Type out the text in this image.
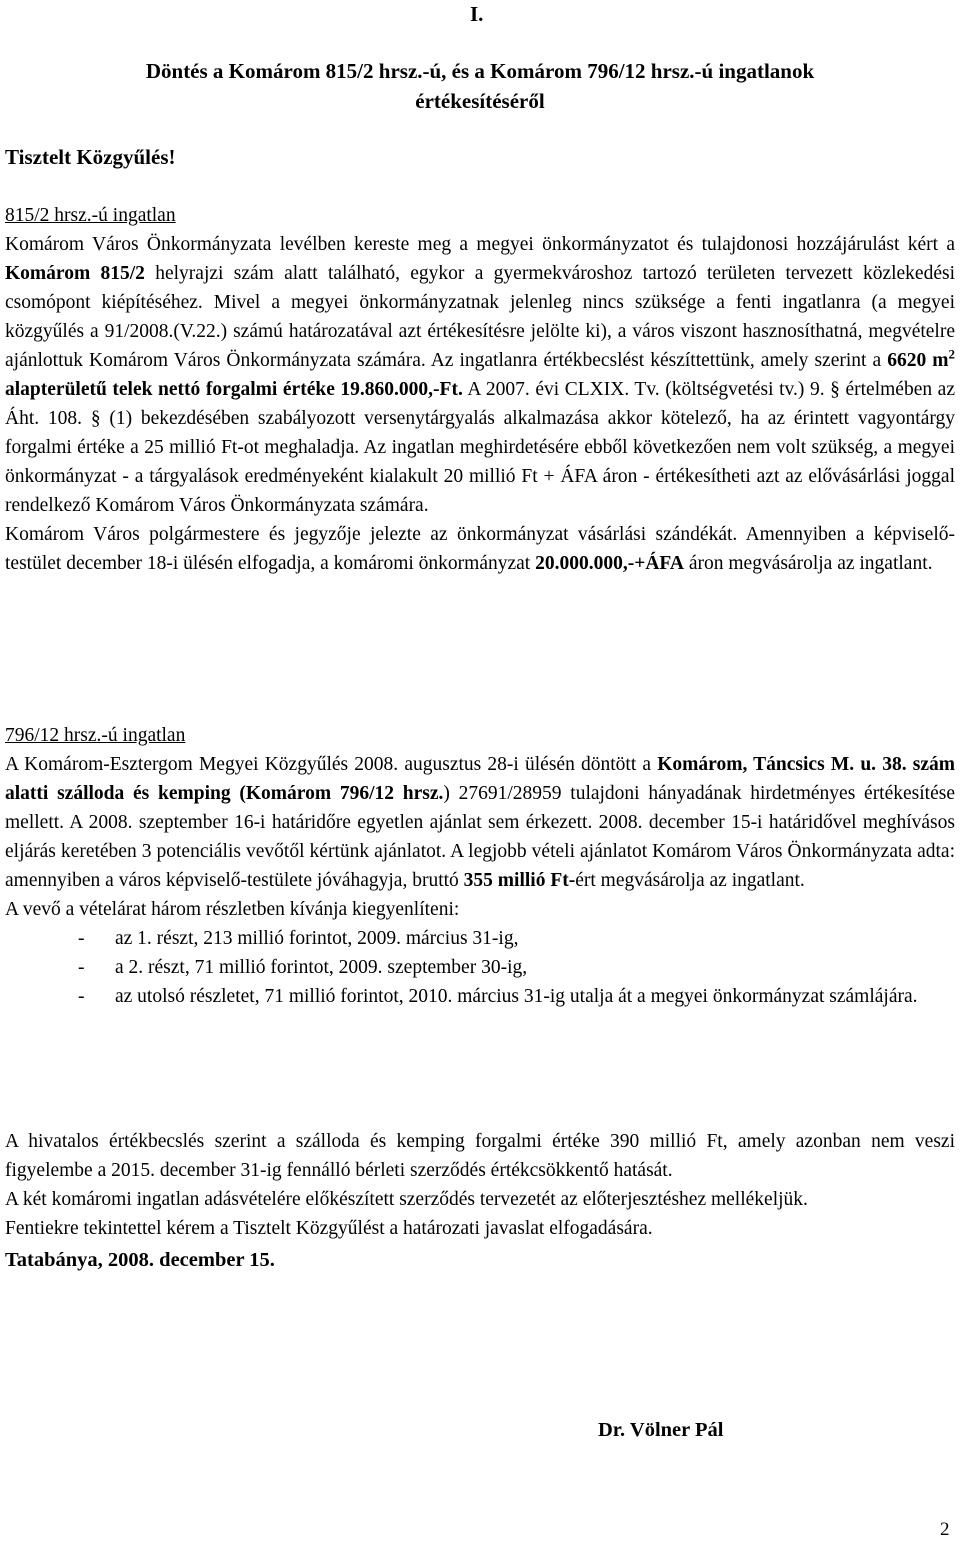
I.
Döntés a Komárom 815/2 hrsz.-ú, és a Komárom 796/12 hrsz.-ú ingatlanok
értékesítéséről
Tisztelt Közgyűlés!
815/2 hrsz.-ú ingatlan

Komárom Város Önkormányzata levélben kereste meg a megyei önkormányzatot és tulajdonosi hozzájárulást kért a Komárom 815/2 helyrajzi szám alatt található, egykor a gyermekvároshoz tartozó területen tervezett közlekedési csomópont kiépítéséhez. Mivel a megyei önkormányzatnak jelenleg nincs szüksége a fenti ingatlanra (a megyei közgyűlés a 91/2008.(V.22.) számú határozatával azt értékesítésre jelölte ki), a város viszont hasznosíthatná, megvételre ajánlottuk Komárom Város Önkormányzata számára. Az ingatlanra értékbecslést készíttettünk, amely szerint a 6620 $m^2$ alapterületű telek nettó forgalmi értéke 19.860.000,-Ft. A 2007. évi CLXIX. Tv. (költségvetési tv.) 9. § értelmében az Áht. 108. § (1) bekezdésében szabályozott versenytárgyalás alkalmazása akkor kötelező, ha az érintett vagyontárgy forgalmi értéke a 25 millió Ft-ot meghaladja. Az ingatlan meghirdetésére ebből következően nem volt szükség, a megyei önkormányzat - a tárgyalások eredményeként kialakult 20 millió Ft + ÁFA áron - értékesítheti azt az elővásárlási joggal rendelkező Komárom Város Önkormányzata számára.

Komárom Város polgármestere és jegyzője jelezte az önkormányzat vásárlási szándékát. Amennyiben a képviselő-testület december 18-i ülésén elfogadja, a komáromi önkormányzat 20.000.000,-+ÁFA áron megvásárolja az ingatlant.

796/12 hrsz.-ú ingatlan

A Komárom-Esztergom Megyei Közgyűlés 2008. augusztus 28-i ülésén döntött a Komárom, Táncsics M. u. 38. szám alatti szálloda és kemping (Komárom 796/12 hrsz.) 27691/28959 tulajdoni hányadának hirdetményes értékesítése mellett. A 2008. szeptember 16-i határidőre egyetlen ajánlat sem érkezett. 2008. december 15-i határidővel meghívásos eljárás keretében 3 potenciális vevőtől kértünk ajánlatot. A legjobb vételi ajánlatot Komárom Város Önkormányzata adta: amennyiben a város képviselő-testülete jóváhagyja, bruttó 355 millió Ft-ért megvásárolja az ingatlant.

A vevő a vételárat három részletben kívánja kiegyenlíteni:
- az 1. részt, 213 millió forintot, 2009. március 31-ig,
- a 2. részt, 71 millió forintot, 2009. szeptember 30-ig,
- az utolsó részletet, 71 millió forintot, 2010. március 31-ig utalja át a megyei önkormányzat számlájára.

A hivatalos értékbecslés szerint a szálloda és kemping forgalmi értéke 390 millió Ft, amely azonban nem veszi figyelembe a 2015. december 31-ig fennálló bérleti szerződés értékcsökkentő hatását.

A két komáromi ingatlan adásvételére előkészített szerződés tervezetét az előterjesztéshez mellékeljük.

Fentiekre tekintettel kérem a Tisztelt Közgyűlést a határozati javaslat elfogadására.

Tatabánya, 2008. december 15.
Dr. Völner Pál
2
